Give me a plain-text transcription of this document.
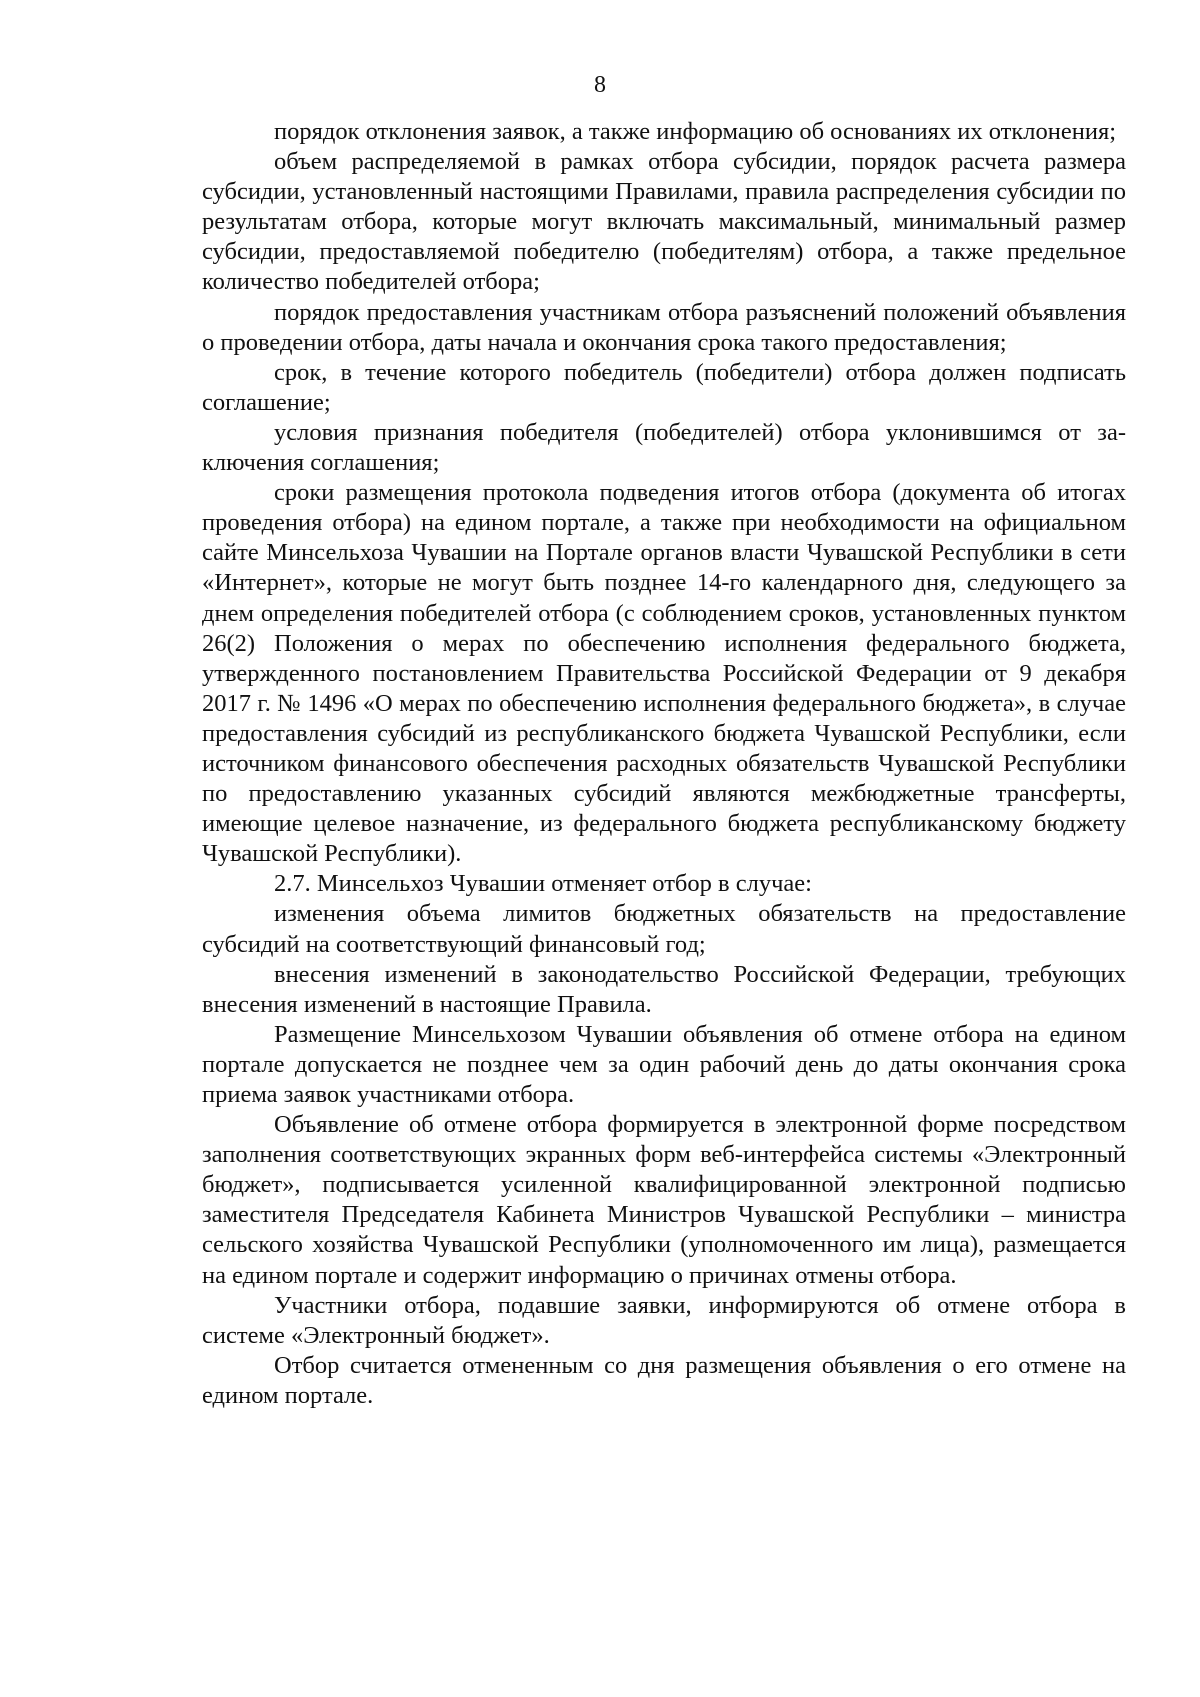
8

порядок отклонения заявок, а также информацию об основаниях их отклонения;

объем распределяемой в рамках отбора субсидии, порядок расчета размера субсидии, установленный настоящими Правилами, правила распределения субсидии по результатам отбора, которые могут включать максимальный, минимальный размер субсидии, предоставляемой победителю (победителям) отбора, а также предельное количество победителей отбора;

порядок предоставления участникам отбора разъяснений положений объявления о проведении отбора, даты начала и окончания срока такого предоставления;

срок, в течение которого победитель (победители) отбора должен подписать соглашение;

условия признания победителя (победителей) отбора уклонившимся от заключения соглашения;

сроки размещения протокола подведения итогов отбора (документа об итогах проведения отбора) на едином портале, а также при необходимости на официальном сайте Минсельхоза Чувашии на Портале органов власти Чувашской Республики в сети «Интернет», которые не могут быть позднее 14-го календарного дня, следующего за днем определения победителей отбора (с соблюдением сроков, установленных пунктом 26(2) Положения о мерах по обеспечению исполнения федерального бюджета, утвержденного постановлением Правительства Российской Федерации от 9 декабря 2017 г. № 1496 «О мерах по обеспечению исполнения федерального бюджета», в случае предоставления субсидий из республиканского бюджета Чувашской Республики, если источником финансового обеспечения расходных обязательств Чувашской Республики по предоставлению указанных субсидий являются межбюджетные трансферты, имеющие целевое назначение, из федерального бюджета республиканскому бюджету Чувашской Республики).

2.7. Минсельхоз Чувашии отменяет отбор в случае:

изменения объема лимитов бюджетных обязательств на предоставление субсидий на соответствующий финансовый год;

внесения изменений в законодательство Российской Федерации, требующих внесения изменений в настоящие Правила.

Размещение Минсельхозом Чувашии объявления об отмене отбора на едином портале допускается не позднее чем за один рабочий день до даты окончания срока приема заявок участниками отбора.

Объявление об отмене отбора формируется в электронной форме посредством заполнения соответствующих экранных форм веб-интерфейса системы «Электронный бюджет», подписывается усиленной квалифицированной электронной подписью заместителя Председателя Кабинета Министров Чувашской Республики – министра сельского хозяйства Чувашской Республики (уполномоченного им лица), размещается на едином портале и содержит информацию о причинах отмены отбора.

Участники отбора, подавшие заявки, информируются об отмене отбора в системе «Электронный бюджет».

Отбор считается отмененным со дня размещения объявления о его отмене на едином портале.
